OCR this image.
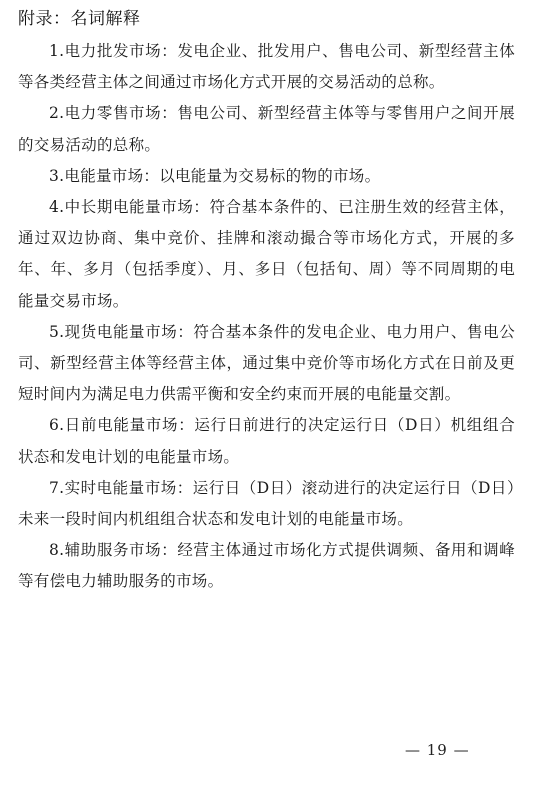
附录：名词解释

1.电力批发市场：发电企业、批发用户、售电公司、新型经营主体等各类经营主体之间通过市场化方式开展的交易活动的总称。

2.电力零售市场：售电公司、新型经营主体等与零售用户之间开展的交易活动的总称。

3.电能量市场：以电能量为交易标的物的市场。

4.中长期电能量市场：符合基本条件的、已注册生效的经营主体，通过双边协商、集中竞价、挂牌和滚动撮合等市场化方式，开展的多年、年、多月（包括季度）、月、多日（包括旬、周）等不同周期的电能量交易市场。

5.现货电能量市场：符合基本条件的发电企业、电力用户、售电公司、新型经营主体等经营主体，通过集中竞价等市场化方式在日前及更短时间内为满足电力供需平衡和安全约束而开展的电能量交割。

6.日前电能量市场：运行日前进行的决定运行日（D日）机组组合状态和发电计划的电能量市场。

7.实时电能量市场：运行日（D日）滚动进行的决定运行日（D日）未来一段时间内机组组合状态和发电计划的电能量市场。

8.辅助服务市场：经营主体通过市场化方式提供调频、备用和调峰等有偿电力辅助服务的市场。

— 19 —
